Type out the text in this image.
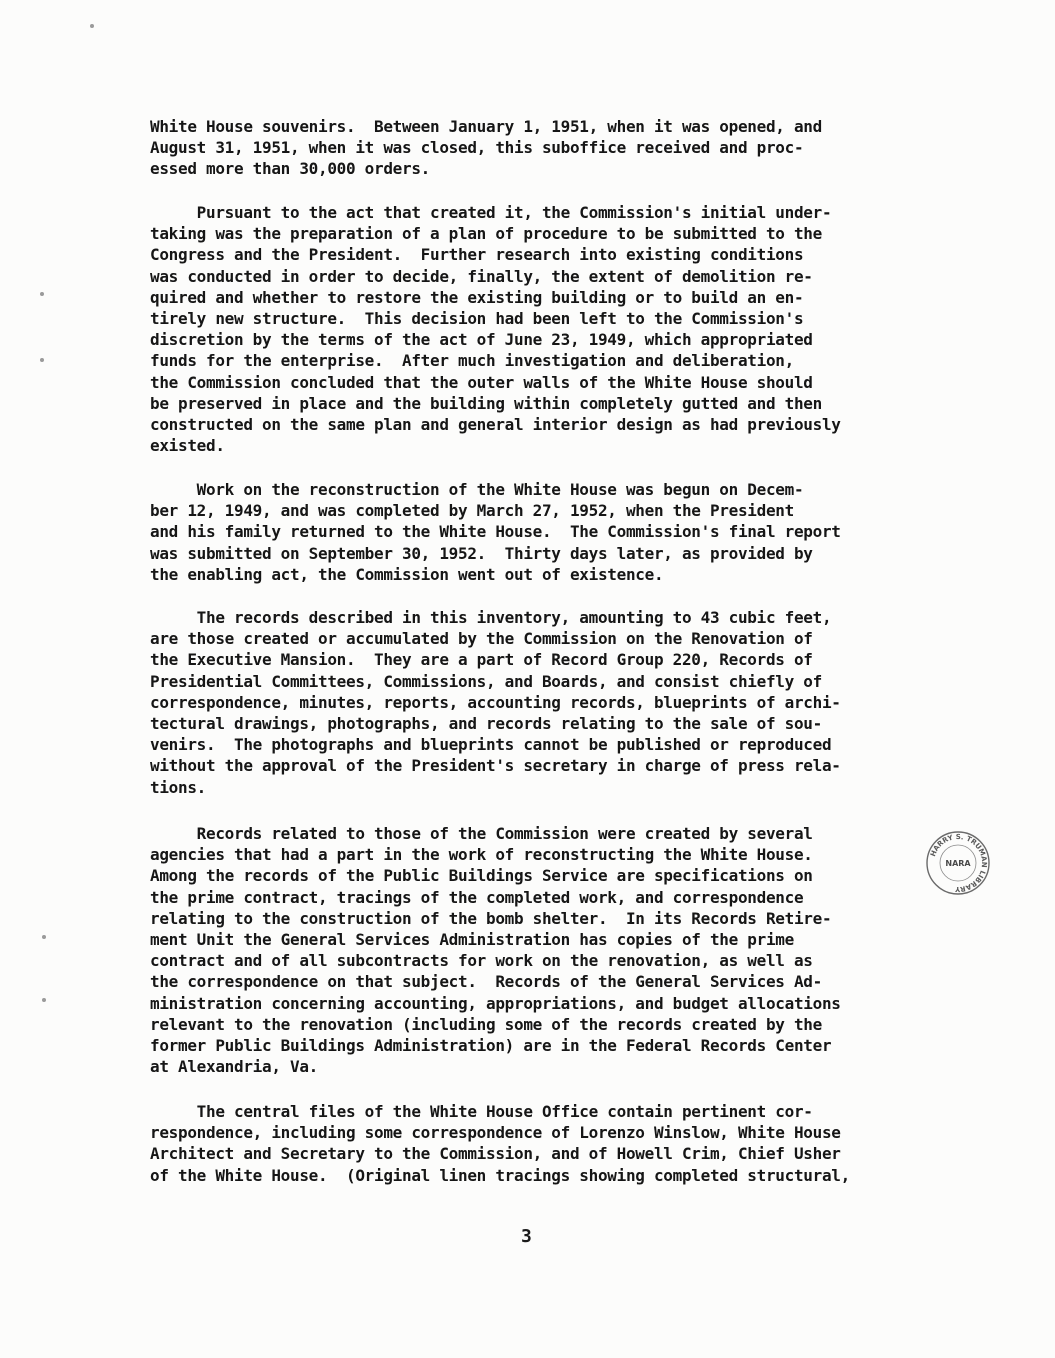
White House souvenirs.  Between January 1, 1951, when it was opened, and
August 31, 1951, when it was closed, this suboffice received and proc-
essed more than 30,000 orders.
Pursuant to the act that created it, the Commission's initial under-
taking was the preparation of a plan of procedure to be submitted to the
Congress and the President.  Further research into existing conditions
was conducted in order to decide, finally, the extent of demolition re-
quired and whether to restore the existing building or to build an en-
tirely new structure.  This decision had been left to the Commission's
discretion by the terms of the act of June 23, 1949, which appropriated
funds for the enterprise.  After much investigation and deliberation,
the Commission concluded that the outer walls of the White House should
be preserved in place and the building within completely gutted and then
constructed on the same plan and general interior design as had previously
existed.
Work on the reconstruction of the White House was begun on Decem-
ber 12, 1949, and was completed by March 27, 1952, when the President
and his family returned to the White House.  The Commission's final report
was submitted on September 30, 1952.  Thirty days later, as provided by
the enabling act, the Commission went out of existence.
The records described in this inventory, amounting to 43 cubic feet,
are those created or accumulated by the Commission on the Renovation of
the Executive Mansion.  They are a part of Record Group 220, Records of
Presidential Committees, Commissions, and Boards, and consist chiefly of
correspondence, minutes, reports, accounting records, blueprints of archi-
tectural drawings, photographs, and records relating to the sale of sou-
venirs.  The photographs and blueprints cannot be published or reproduced
without the approval of the President's secretary in charge of press rela-
tions.
Records related to those of the Commission were created by several
agencies that had a part in the work of reconstructing the White House.
Among the records of the Public Buildings Service are specifications on
the prime contract, tracings of the completed work, and correspondence
relating to the construction of the bomb shelter.  In its Records Retire-
ment Unit the General Services Administration has copies of the prime
contract and of all subcontracts for work on the renovation, as well as
the correspondence on that subject.  Records of the General Services Ad-
ministration concerning accounting, appropriations, and budget allocations
relevant to the renovation (including some of the records created by the
former Public Buildings Administration) are in the Federal Records Center
at Alexandria, Va.
The central files of the White House Office contain pertinent cor-
respondence, including some correspondence of Lorenzo Winslow, White House
Architect and Secretary to the Commission, and of Howell Crim, Chief Usher
of the White House.  (Original linen tracings showing completed structural,
3
HARRY S. TRUMAN LIBRARY
NARA
